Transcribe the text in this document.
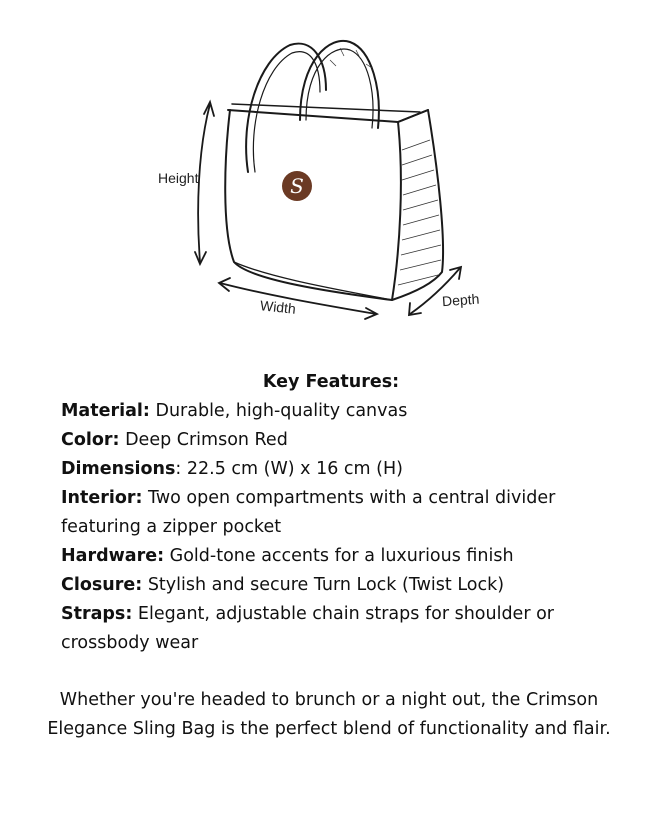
S
Height
Width	Depth
Key Features:

Material: Durable, high-quality canvas

Color: Deep Crimson Red

Dimensions: 22.5 cm (W) x 16 cm (H)

Interior: Two open compartments with a central divider featuring a zipper pocket

Hardware: Gold-tone accents for a luxurious finish

Closure: Stylish and secure Turn Lock (Twist Lock)

Straps: Elegant, adjustable chain straps for shoulder or crossbody wear

Whether you're headed to brunch or a night out, the Crimson Elegance Sling Bag is the perfect blend of functionality and flair.
